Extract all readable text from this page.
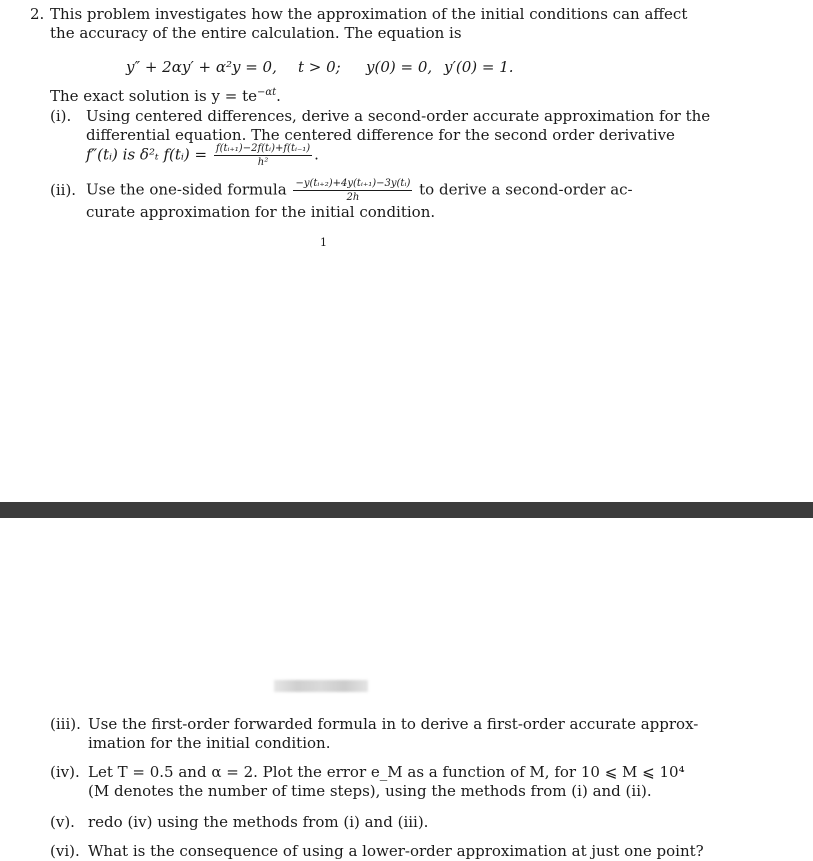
2. This problem investigates how the approximation of the initial conditions can affect
the accuracy of the entire calculation. The equation is
y″ + 2αy′ + α²y = 0, t > 0; y(0) = 0, y′(0) = 1.
The exact solution is $y = te^{-\alpha t}$.
(i). Using centered differences, derive a second-order accurate approximation for the
differential equation. The centered difference for the second order derivative
f″(tᵢ) is δ²ₜ f(tᵢ) = $\frac{\text{f(tᵢ₊₁)−2f(tᵢ)+f(tᵢ₋₁)}}{\text{h²}}$ .
(ii). Use the one-sided formula $\frac{\text{−y(tᵢ₊₂)+4y(tᵢ₊₁)−3y(tᵢ)}}{2h}$ to derive a second-order ac-
curate approximation for the initial condition.
1
(iii). Use the first-order forwarded formula in to derive a first-order accurate approx-
imation for the initial condition.
(iv). Let T = 0.5 and α = 2. Plot the error e_M as a function of M, for 10 ⩽ M ⩽ 10⁴
(M denotes the number of time steps), using the methods from (i) and (ii).
(v). redo (iv) using the methods from (i) and (iii).
(vi). What is the consequence of using a lower-order approximation at just one point?
